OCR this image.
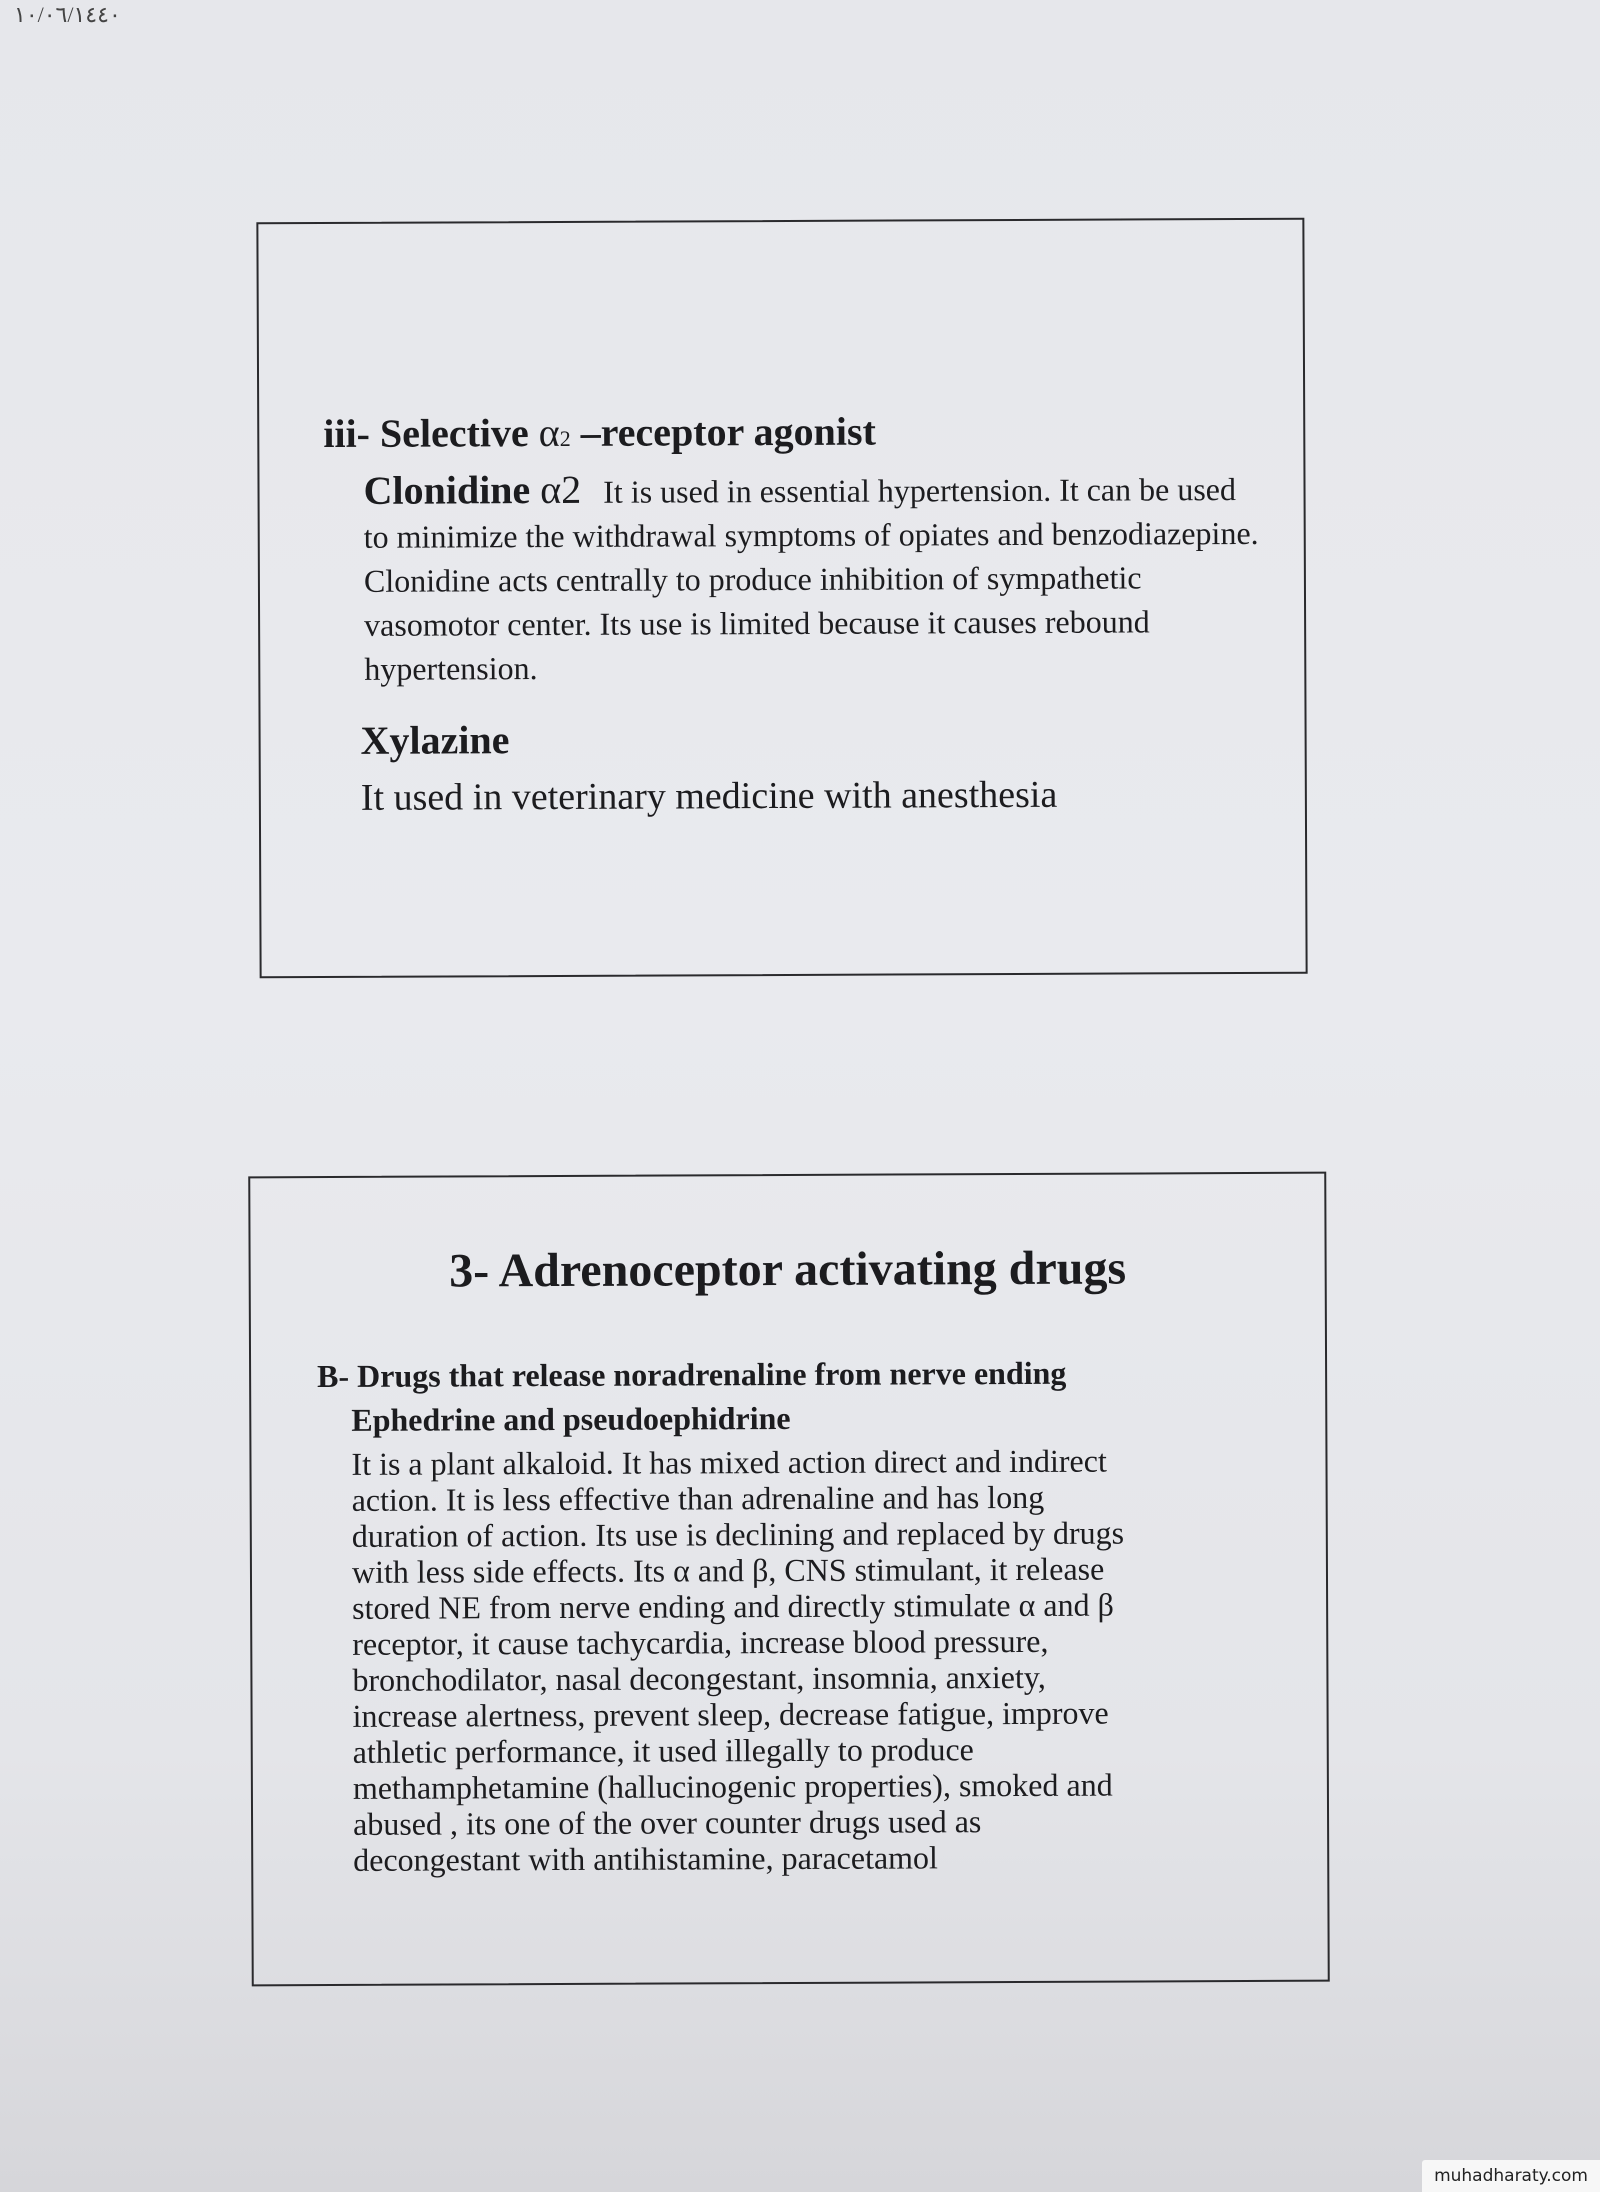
١٠/٠٦/١٤٤٠
iii- Selective α2 –receptor agonist
Clonidine α2 It is used in essential hypertension. It can be used to minimize the withdrawal symptoms of opiates and benzodiazepine. Clonidine acts centrally to produce inhibition of sympathetic vasomotor center. Its use is limited because it causes rebound hypertension.
Xylazine
It used in veterinary medicine with anesthesia
3- Adrenoceptor activating drugs
B- Drugs that release noradrenaline from nerve ending
Ephedrine and pseudoephidrine
It is a plant alkaloid. It has mixed action direct and indirect
action. It is less effective than adrenaline and has long
duration of action. Its use is declining and replaced by drugs
with less side effects. Its α and β, CNS stimulant, it release
stored NE from nerve ending and directly stimulate α and β
receptor, it cause tachycardia, increase blood pressure,
bronchodilator, nasal decongestant, insomnia, anxiety,
increase alertness, prevent sleep, decrease fatigue, improve
athletic performance, it used illegally to produce
methamphetamine (hallucinogenic properties), smoked and
abused , its one of the over counter drugs used as
decongestant with antihistamine, paracetamol
muhadharaty.com
